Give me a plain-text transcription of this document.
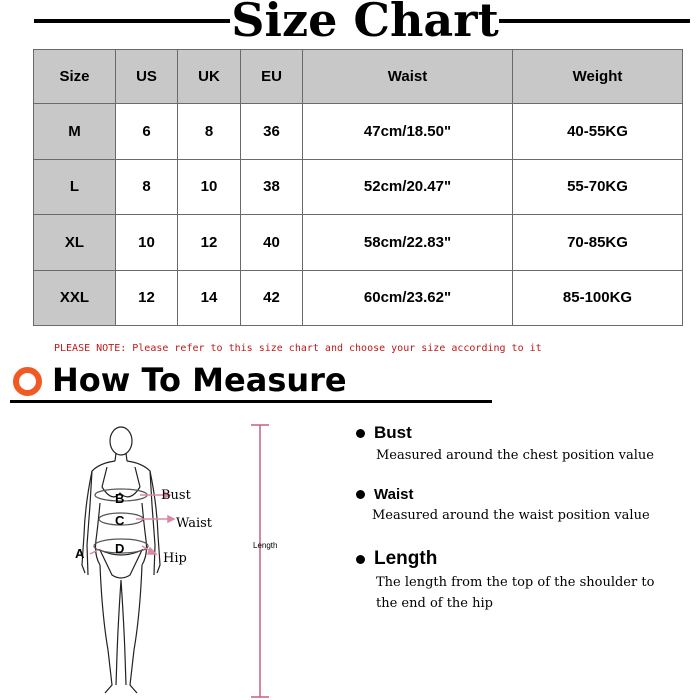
Size Chart
Size	US	UK	EU	Waist	Weight
M	6	8	36	47cm/18.50"	40-55KG
L	8	10	38	52cm/20.47"	55-70KG
XL	10	12	40	58cm/22.83"	70-85KG
XXL	12	14	42	60cm/23.62"	85-100KG
PLEASE NOTE: Please refer to this size chart and choose your size according to it
How To Measure
A
B
C
D
Bust
Waist
Hip
Length
Bust
Measured around the chest position value
Waist
Measured around the waist position value
Length
The length from the top of the shoulder to
the end of the hip
